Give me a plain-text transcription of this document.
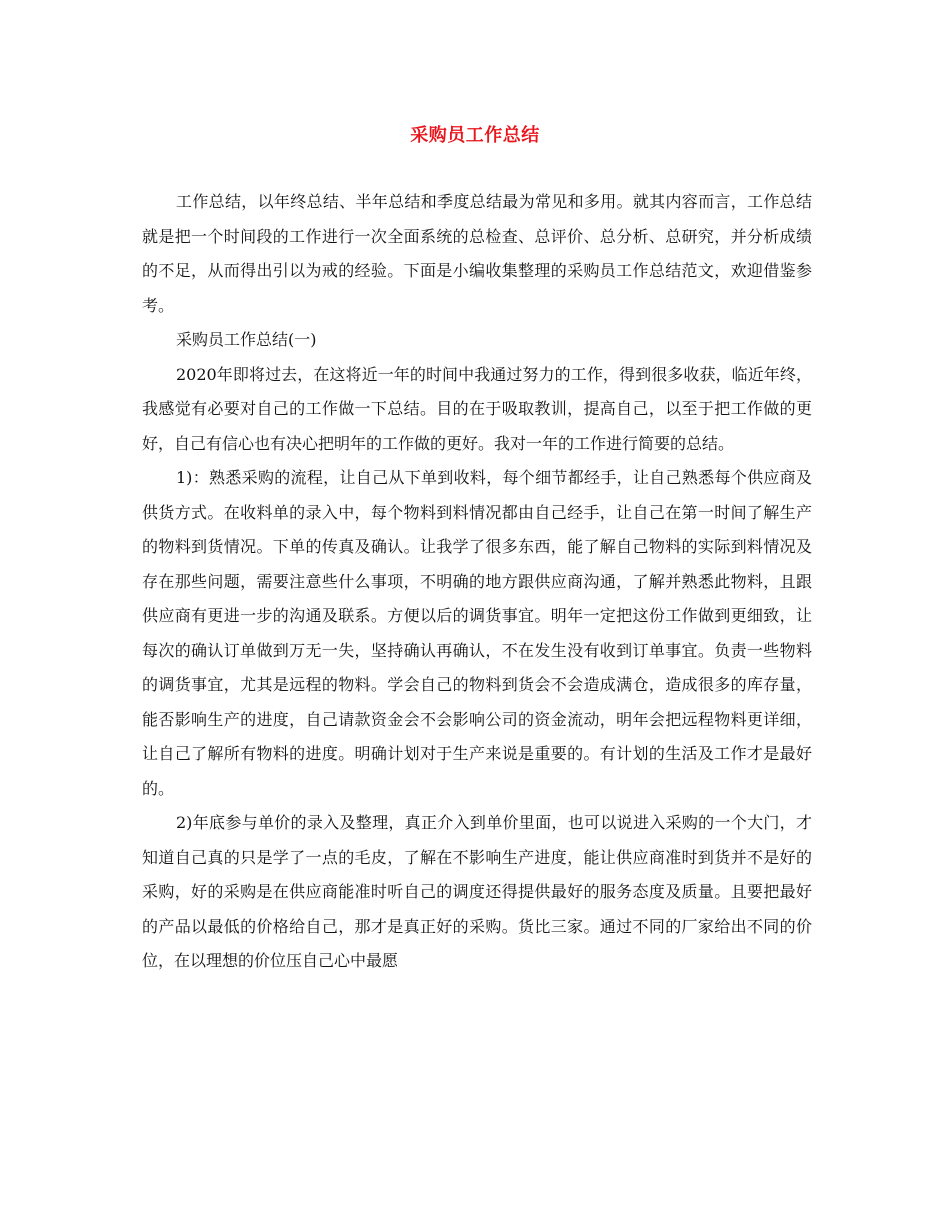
采购员工作总结

工作总结，以年终总结、半年总结和季度总结最为常见和多用。就其内容而言，工作总结就是把一个时间段的工作进行一次全面系统的总检查、总评价、总分析、总研究，并分析成绩的不足，从而得出引以为戒的经验。下面是小编收集整理的采购员工作总结范文，欢迎借鉴参考。

采购员工作总结(一)

2020年即将过去，在这将近一年的时间中我通过努力的工作，得到很多收获，临近年终，我感觉有必要对自己的工作做一下总结。目的在于吸取教训，提高自己，以至于把工作做的更好，自己有信心也有决心把明年的工作做的更好。我对一年的工作进行简要的总结。

1)：熟悉采购的流程，让自己从下单到收料，每个细节都经手，让自己熟悉每个供应商及供货方式。在收料单的录入中，每个物料到料情况都由自己经手，让自己在第一时间了解生产的物料到货情况。下单的传真及确认。让我学了很多东西，能了解自己物料的实际到料情况及存在那些问题，需要注意些什么事项，不明确的地方跟供应商沟通，了解并熟悉此物料，且跟供应商有更进一步的沟通及联系。方便以后的调货事宜。明年一定把这份工作做到更细致，让每次的确认订单做到万无一失，坚持确认再确认，不在发生没有收到订单事宜。负责一些物料的调货事宜，尤其是远程的物料。学会自己的物料到货会不会造成满仓，造成很多的库存量，能否影响生产的进度，自己请款资金会不会影响公司的资金流动，明年会把远程物料更详细，让自己了解所有物料的进度。明确计划对于生产来说是重要的。有计划的生活及工作才是最好的。

2)年底参与单价的录入及整理，真正介入到单价里面，也可以说进入采购的一个大门，才知道自己真的只是学了一点的毛皮，了解在不影响生产进度，能让供应商准时到货并不是好的采购，好的采购是在供应商能准时听自己的调度还得提供最好的服务态度及质量。且要把最好的产品以最低的价格给自己，那才是真正好的采购。货比三家。通过不同的厂家给出不同的价位，在以理想的价位压自己心中最愿
